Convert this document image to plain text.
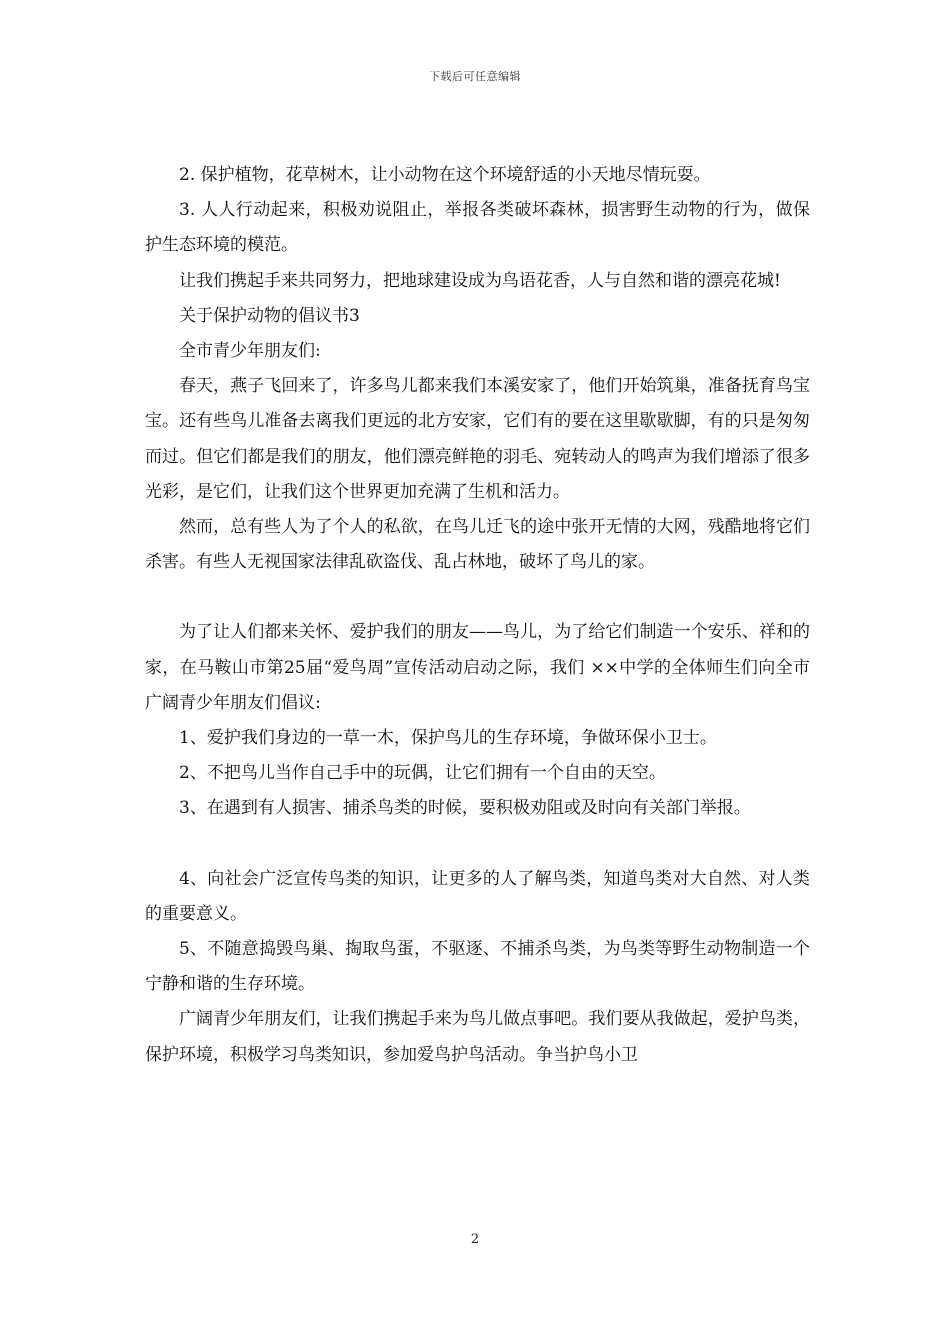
下载后可任意编辑

2. 保护植物，花草树木，让小动物在这个环境舒适的小天地尽情玩耍。

3. 人人行动起来，积极劝说阻止，举报各类破坏森林，损害野生动物的行为，做保护生态环境的模范。

让我们携起手来共同努力，把地球建设成为鸟语花香，人与自然和谐的漂亮花城!

关于保护动物的倡议书3

全市青少年朋友们:

春天，燕子飞回来了，许多鸟儿都来我们本溪安家了，他们开始筑巢，准备抚育鸟宝宝。还有些鸟儿准备去离我们更远的北方安家，它们有的要在这里歇歇脚，有的只是匆匆而过。但它们都是我们的朋友，他们漂亮鲜艳的羽毛、宛转动人的鸣声为我们增添了很多光彩，是它们，让我们这个世界更加充满了生机和活力。

然而，总有些人为了个人的私欲，在鸟儿迁飞的途中张开无情的大网，残酷地将它们杀害。有些人无视国家法律乱砍盗伐、乱占林地，破坏了鸟儿的家。

为了让人们都来关怀、爱护我们的朋友——鸟儿，为了给它们制造一个安乐、祥和的家，在马鞍山市第25届“爱鸟周”宣传活动启动之际，我们 ××中学的全体师生们向全市广阔青少年朋友们倡议:

1、爱护我们身边的一草一木，保护鸟儿的生存环境，争做环保小卫士。

2、不把鸟儿当作自己手中的玩偶，让它们拥有一个自由的天空。

3、在遇到有人损害、捕杀鸟类的时候，要积极劝阻或及时向有关部门举报。

4、向社会广泛宣传鸟类的知识，让更多的人了解鸟类，知道鸟类对大自然、对人类的重要意义。

5、不随意捣毁鸟巢、掏取鸟蛋，不驱逐、不捕杀鸟类，为鸟类等野生动物制造一个宁静和谐的生存环境。

广阔青少年朋友们，让我们携起手来为鸟儿做点事吧。我们要从我做起，爱护鸟类，保护环境，积极学习鸟类知识，参加爱鸟护鸟活动。争当护鸟小卫

2
